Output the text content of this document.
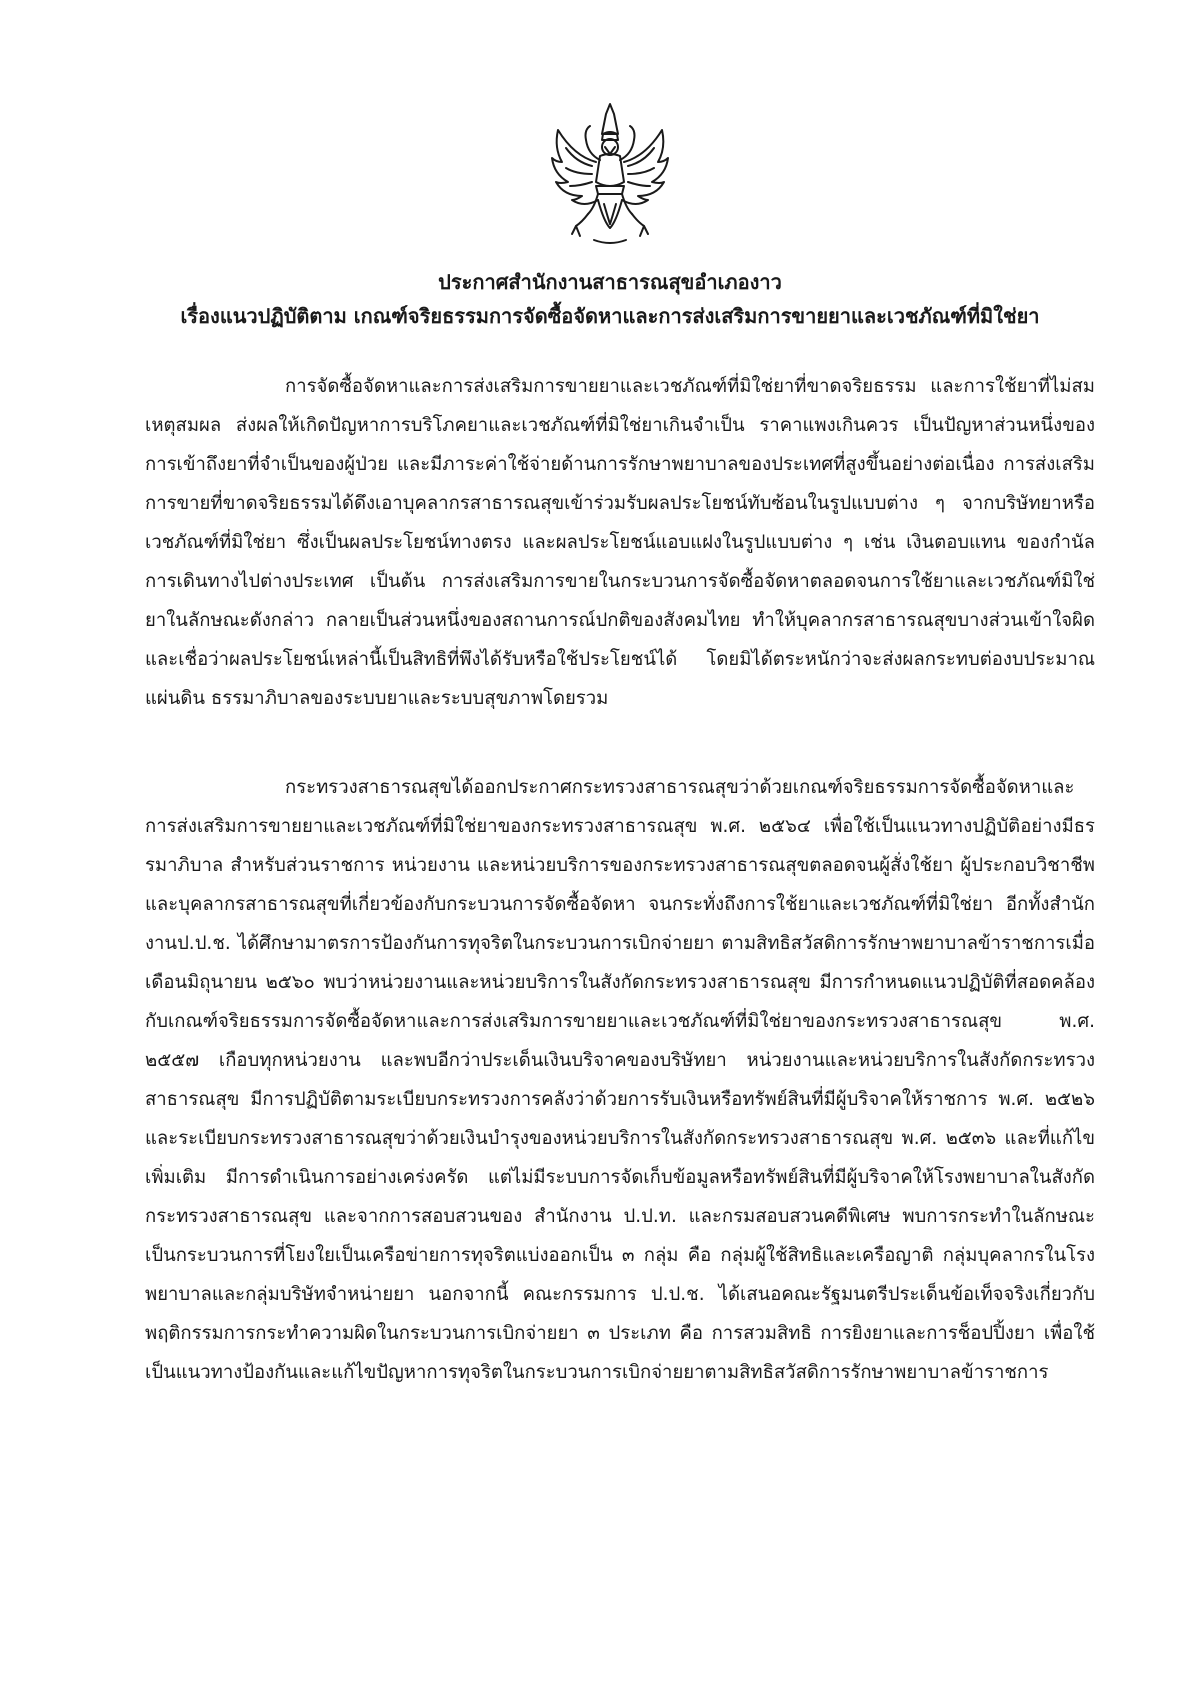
ประกาศสำนักงานสาธารณสุขอำเภองาว
เรื่องแนวปฏิบัติตาม เกณฑ์จริยธรรมการจัดซื้อจัดหาและการส่งเสริมการขายยาและเวชภัณฑ์ที่มิใช่ยา

การจัดซื้อจัดหาและการส่งเสริมการขายยาและเวชภัณฑ์ที่มิใช่ยาที่ขาดจริยธรรม และการใช้ยาที่ไม่สมเหตุสมผล ส่งผลให้เกิดปัญหาการบริโภคยาและเวชภัณฑ์ที่มิใช่ยาเกินจำเป็น ราคาแพงเกินควร เป็นปัญหาส่วนหนึ่งของการเข้าถึงยาที่จำเป็นของผู้ป่วย และมีภาระค่าใช้จ่ายด้านการรักษาพยาบาลของประเทศที่สูงขึ้นอย่างต่อเนื่อง การส่งเสริมการขายที่ขาดจริยธรรมได้ดึงเอาบุคลากรสาธารณสุขเข้าร่วมรับผลประโยชน์ทับซ้อนในรูปแบบต่าง ๆ จากบริษัทยาหรือเวชภัณฑ์ที่มิใช่ยา ซึ่งเป็นผลประโยชน์ทางตรง และผลประโยชน์แอบแฝงในรูปแบบต่าง ๆ เช่น เงินตอบแทน ของกำนัล การเดินทางไปต่างประเทศ เป็นต้น การส่งเสริมการขายในกระบวนการจัดซื้อจัดหาตลอดจนการใช้ยาและเวชภัณฑ์มิใช่ยาในลักษณะดังกล่าว กลายเป็นส่วนหนึ่งของสถานการณ์ปกติของสังคมไทย ทำให้บุคลากรสาธารณสุขบางส่วนเข้าใจผิด และเชื่อว่าผลประโยชน์เหล่านี้เป็นสิทธิที่พึงได้รับหรือใช้ประโยชน์ได้ โดยมิได้ตระหนักว่าจะส่งผลกระทบต่องบประมาณแผ่นดิน ธรรมาภิบาลของระบบยาและระบบสุขภาพโดยรวม

กระทรวงสาธารณสุขได้ออกประกาศกระทรวงสาธารณสุขว่าด้วยเกณฑ์จริยธรรมการจัดซื้อจัดหาและการส่งเสริมการขายยาและเวชภัณฑ์ที่มิใช่ยาของกระทรวงสาธารณสุข พ.ศ. ๒๕๖๔ เพื่อใช้เป็นแนวทางปฏิบัติอย่างมีธรรมาภิบาล สำหรับส่วนราชการ หน่วยงาน และหน่วยบริการของกระทรวงสาธารณสุขตลอดจนผู้สั่งใช้ยา ผู้ประกอบวิชาชีพ และบุคลากรสาธารณสุขที่เกี่ยวข้องกับกระบวนการจัดซื้อจัดหา จนกระทั่งถึงการใช้ยาและเวชภัณฑ์ที่มิใช่ยา อีกทั้งสำนักงานป.ป.ช. ได้ศึกษามาตรการป้องกันการทุจริตในกระบวนการเบิกจ่ายยา ตามสิทธิสวัสดิการรักษาพยาบาลข้าราชการเมื่อเดือนมิถุนายน ๒๕๖๐ พบว่าหน่วยงานและหน่วยบริการในสังกัดกระทรวงสาธารณสุข มีการกำหนดแนวปฏิบัติที่สอดคล้องกับเกณฑ์จริยธรรมการจัดซื้อจัดหาและการส่งเสริมการขายยาและเวชภัณฑ์ที่มิใช่ยาของกระทรวงสาธารณสุข พ.ศ. ๒๕๕๗ เกือบทุกหน่วยงาน และพบอีกว่าประเด็นเงินบริจาคของบริษัทยา หน่วยงานและหน่วยบริการในสังกัดกระทรวงสาธารณสุข มีการปฏิบัติตามระเบียบกระทรวงการคลังว่าด้วยการรับเงินหรือทรัพย์สินที่มีผู้บริจาคให้ราชการ พ.ศ. ๒๕๒๖ และระเบียบกระทรวงสาธารณสุขว่าด้วยเงินบำรุงของหน่วยบริการในสังกัดกระทรวงสาธารณสุข พ.ศ. ๒๕๓๖ และที่แก้ไขเพิ่มเติม มีการดำเนินการอย่างเคร่งครัด แต่ไม่มีระบบการจัดเก็บข้อมูลหรือทรัพย์สินที่มีผู้บริจาคให้โรงพยาบาลในสังกัดกระทรวงสาธารณสุข และจากการสอบสวนของ สำนักงาน ป.ป.ท. และกรมสอบสวนคดีพิเศษ พบการกระทำในลักษณะเป็นกระบวนการที่โยงใยเป็นเครือข่ายการทุจริตแบ่งออกเป็น ๓ กลุ่ม คือ กลุ่มผู้ใช้สิทธิและเครือญาติ กลุ่มบุคลากรในโรงพยาบาลและกลุ่มบริษัทจำหน่ายยา นอกจากนี้ คณะกรรมการ ป.ป.ช. ได้เสนอคณะรัฐมนตรีประเด็นข้อเท็จจริงเกี่ยวกับพฤติกรรมการกระทำความผิดในกระบวนการเบิกจ่ายยา ๓ ประเภท คือ การสวมสิทธิ การยิงยาและการช็อปปิ้งยา เพื่อใช้เป็นแนวทางป้องกันและแก้ไขปัญหาการทุจริตในกระบวนการเบิกจ่ายยาตามสิทธิสวัสดิการรักษาพยาบาลข้าราชการ
